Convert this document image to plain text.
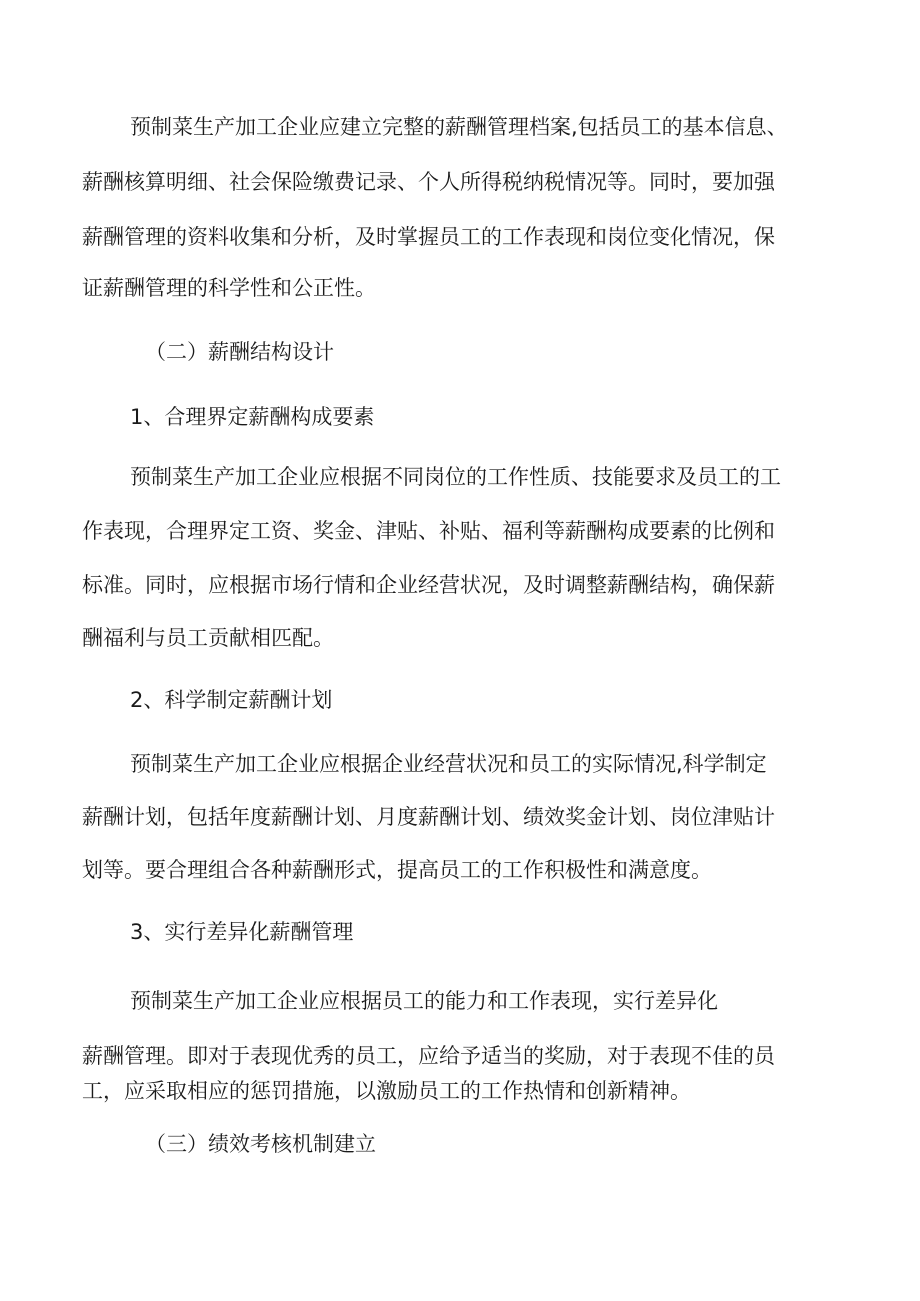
预制菜生产加工企业应建立完整的薪酬管理档案,包括员工的基本信息、
薪酬核算明细、社会保险缴费记录、个人所得税纳税情况等。同时，要加强
薪酬管理的资料收集和分析，及时掌握员工的工作表现和岗位变化情况，保
证薪酬管理的科学性和公正性。
（二）薪酬结构设计
1、合理界定薪酬构成要素
预制菜生产加工企业应根据不同岗位的工作性质、技能要求及员工的工
作表现，合理界定工资、奖金、津贴、补贴、福利等薪酬构成要素的比例和
标准。同时，应根据市场行情和企业经营状况，及时调整薪酬结构，确保薪
酬福利与员工贡献相匹配。
2、科学制定薪酬计划
预制菜生产加工企业应根据企业经营状况和员工的实际情况,科学制定
薪酬计划，包括年度薪酬计划、月度薪酬计划、绩效奖金计划、岗位津贴计
划等。要合理组合各种薪酬形式，提高员工的工作积极性和满意度。
3、实行差异化薪酬管理
预制菜生产加工企业应根据员工的能力和工作表现，实行差异化
薪酬管理。即对于表现优秀的员工，应给予适当的奖励，对于表现不佳的员
工，应采取相应的惩罚措施，以激励员工的工作热情和创新精神。
（三）绩效考核机制建立
